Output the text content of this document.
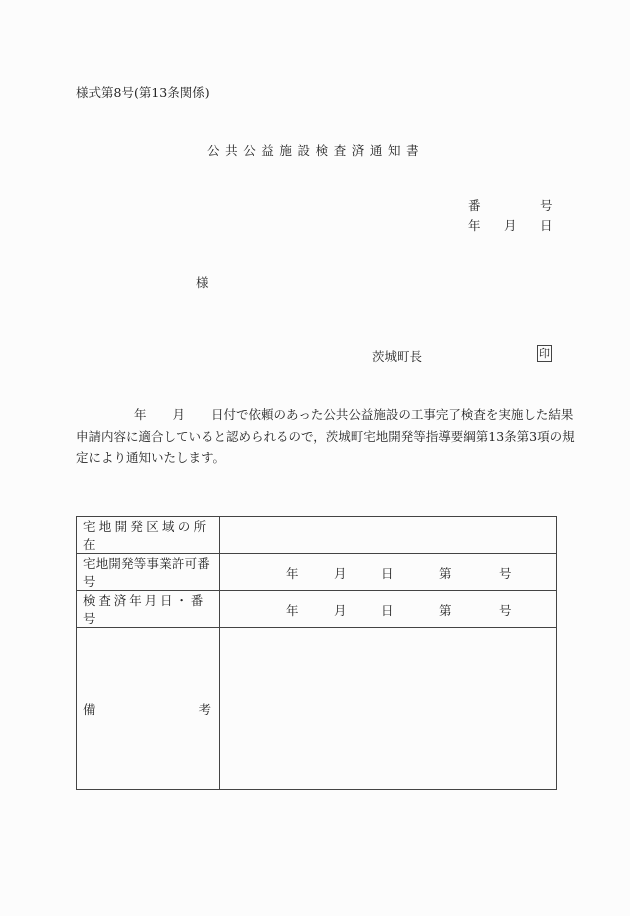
様式第8号(第13条関係)
公共公益施設検査済通知書
番	号
年 月 日
様
茨城町長	印
年 月 日付で依頼のあった公共公益施設の工事完了検査を実施した結果
申請内容に適合していると認められるので，茨城町宅地開発等指導要綱第13条第3項の規
定により通知いたします。
宅地開発区域の所在	
宅地開発等事業許可番号	年 月 日 第 号

検査済年月日・番号	年 月 日 第 号

備 考	
